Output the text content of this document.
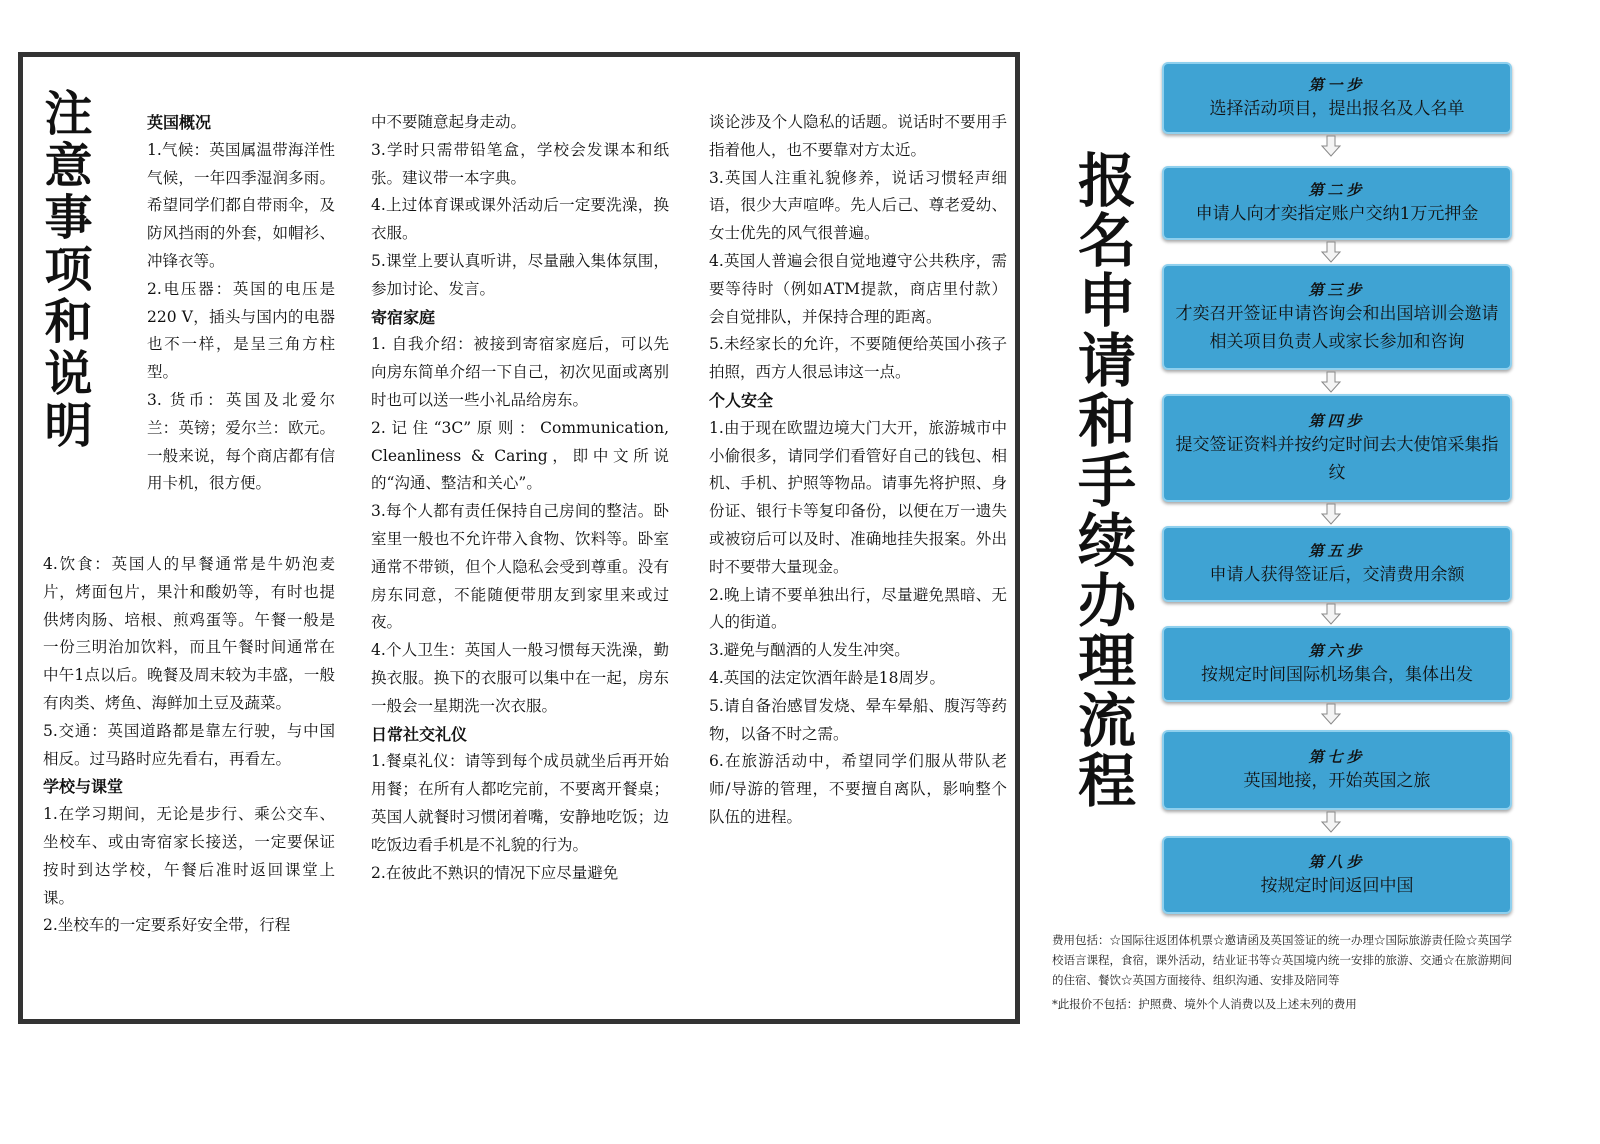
英国概况

1.气候：英国属温带海洋性气候，一年四季湿润多雨。希望同学们都自带雨伞，及防风挡雨的外套，如帽衫、冲锋衣等。

2.电压器：英国的电压是220 V，插头与国内的电器也不一样，是呈三角方柱型。

3. 货币：英国及北爱尔兰：英镑；爱尔兰：欧元。一般来说，每个商店都有信用卡机，很方便。

4.饮食：英国人的早餐通常是牛奶泡麦片，烤面包片，果汁和酸奶等，有时也提供烤肉肠、培根、煎鸡蛋等。午餐一般是一份三明治加饮料，而且午餐时间通常在中午1点以后。晚餐及周末较为丰盛，一般有肉类、烤鱼、海鲜加土豆及蔬菜。

5.交通：英国道路都是靠左行驶，与中国相反。过马路时应先看右，再看左。

学校与课堂

1.在学习期间，无论是步行、乘公交车、坐校车、或由寄宿家长接送，一定要保证按时到达学校，午餐后准时返回课堂上课。

2.坐校车的一定要系好安全带，行程

中不要随意起身走动。

3.学时只需带铅笔盒，学校会发课本和纸张。建议带一本字典。

4.上过体育课或课外活动后一定要洗澡，换衣服。

5.课堂上要认真听讲，尽量融入集体氛围，参加讨论、发言。

寄宿家庭

1. 自我介绍：被接到寄宿家庭后，可以先向房东简单介绍一下自己，初次见面或离别时也可以送一些小礼品给房东。

2.记住“3C”原则：Communication, Cleanliness & Caring，即中文所说的“沟通、整洁和关心”。

3.每个人都有责任保持自己房间的整洁。卧室里一般也不允许带入食物、饮料等。卧室通常不带锁，但个人隐私会受到尊重。没有房东同意，不能随便带朋友到家里来或过夜。

4.个人卫生：英国人一般习惯每天洗澡，勤换衣服。换下的衣服可以集中在一起，房东一般会一星期洗一次衣服。

日常社交礼仪

1.餐桌礼仪：请等到每个成员就坐后再开始用餐；在所有人都吃完前，不要离开餐桌；英国人就餐时习惯闭着嘴，安静地吃饭；边吃饭边看手机是不礼貌的行为。

2.在彼此不熟识的情况下应尽量避免

谈论涉及个人隐私的话题。说话时不要用手指着他人，也不要靠对方太近。

3.英国人注重礼貌修养，说话习惯轻声细语，很少大声喧哗。先人后己、尊老爱幼、女士优先的风气很普遍。

4.英国人普遍会很自觉地遵守公共秩序，需要等待时（例如ATM提款，商店里付款）会自觉排队，并保持合理的距离。

5.未经家长的允许，不要随便给英国小孩子拍照，西方人很忌讳这一点。

个人安全

1.由于现在欧盟边境大门大开，旅游城市中小偷很多，请同学们看管好自己的钱包、相机、手机、护照等物品。请事先将护照、身份证、银行卡等复印备份，以便在万一遗失或被窃后可以及时、准确地挂失报案。外出时不要带大量现金。

2.晚上请不要单独出行，尽量避免黑暗、无人的街道。

3.避免与酗酒的人发生冲突。

4.英国的法定饮酒年龄是18周岁。

5.请自备治感冒发烧、晕车晕船、腹泻等药物，以备不时之需。

6.在旅游活动中，希望同学们服从带队老师/导游的管理，不要擅自离队，影响整个队伍的进程。

注意事项和说明	报名申请和手续办理流程
第一步
选择活动项目，提出报名及人名单
第二步
申请人向才奕指定账户交纳1万元押金
第三步
才奕召开签证申请咨询会和出国培训会邀请相关项目负责人或家长参加和咨询
第四步
提交签证资料并按约定时间去大使馆采集指纹
第五步
申请人获得签证后，交清费用余额
第六步
按规定时间国际机场集合，集体出发
第七步
英国地接，开始英国之旅
第八步
按规定时间返回中国

费用包括：☆国际往返团体机票☆邀请函及英国签证的统一办理☆国际旅游责任险☆英国学校语言课程，食宿，课外活动，结业证书等☆英国境内统一安排的旅游、交通☆在旅游期间的住宿、餐饮☆英国方面接待、组织沟通、安排及陪同等

*此报价不包括：护照费、境外个人消费以及上述未列的费用
